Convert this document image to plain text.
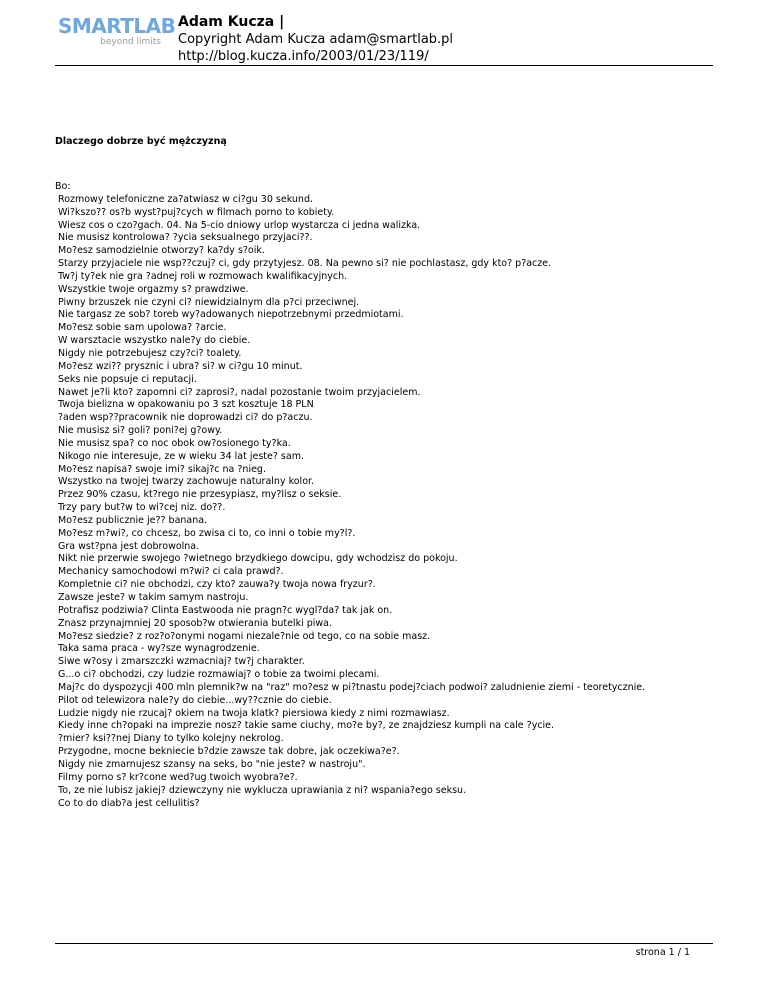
SMARTLAB
beyond limits
Adam Kucza |
Copyright Adam Kucza adam@smartlab.pl
http://blog.kucza.info/2003/01/23/119/
Dlaczego dobrze być mężczyzną
Bo:
Rozmowy telefoniczne za?atwiasz w ci?gu 30 sekund.
Wi?kszo?? os?b wyst?puj?cych w filmach porno to kobiety.
Wiesz cos o czo?gach. 04. Na 5-cio dniowy urlop wystarcza ci jedna walizka.
Nie musisz kontrolowa? ?ycia seksualnego przyjaci??.
Mo?esz samodzielnie otworzy? ka?dy s?oik.
Starzy przyjaciele nie wsp??czuj? ci, gdy przytyjesz. 08. Na pewno si? nie pochlastasz, gdy kto? p?acze.
Tw?j ty?ek nie gra ?adnej roli w rozmowach kwalifikacyjnych.
Wszystkie twoje orgazmy s? prawdziwe.
Piwny brzuszek nie czyni ci? niewidzialnym dla p?ci przeciwnej.
Nie targasz ze sob? toreb wy?adowanych niepotrzebnymi przedmiotami.
Mo?esz sobie sam upolowa? ?arcie.
W warsztacie wszystko nale?y do ciebie.
Nigdy nie potrzebujesz czy?ci? toalety.
Mo?esz wzi?? prysznic i ubra? si? w ci?gu 10 minut.
Seks nie popsuje ci reputacji.
Nawet je?li kto? zapomni ci? zaprosi?, nadal pozostanie twoim przyjacielem.
Twoja bielizna w opakowaniu po 3 szt kosztuje 18 PLN
?aden wsp??pracownik nie doprowadzi ci? do p?aczu.
Nie musisz si? goli? poni?ej g?owy.
Nie musisz spa? co noc obok ow?osionego ty?ka.
Nikogo nie interesuje, ze w wieku 34 lat jeste? sam.
Mo?esz napisa? swoje imi? sikaj?c na ?nieg.
Wszystko na twojej twarzy zachowuje naturalny kolor.
Przez 90% czasu, kt?rego nie przesypiasz, my?lisz o seksie.
Trzy pary but?w to wi?cej niz. do??.
Mo?esz publicznie je?? banana.
Mo?esz m?wi?, co chcesz, bo zwisa ci to, co inni o tobie my?l?.
Gra wst?pna jest dobrowolna.
Nikt nie przerwie swojego ?wietnego brzydkiego dowcipu, gdy wchodzisz do pokoju.
Mechanicy samochodowi m?wi? ci cala prawd?.
Kompletnie ci? nie obchodzi, czy kto? zauwa?y twoja nowa fryzur?.
Zawsze jeste? w takim samym nastroju.
Potrafisz podziwia? Clinta Eastwooda nie pragn?c wygl?da? tak jak on.
Znasz przynajmniej 20 sposob?w otwierania butelki piwa.
Mo?esz siedzie? z roz?o?onymi nogami niezale?nie od tego, co na sobie masz.
Taka sama praca - wy?sze wynagrodzenie.
Siwe w?osy i zmarszczki wzmacniaj? tw?j charakter.
G...o ci? obchodzi, czy ludzie rozmawiaj? o tobie za twoimi plecami.
Maj?c do dyspozycji 400 mln plemnik?w na "raz" mo?esz w pi?tnastu podej?ciach podwoi? zaludnienie ziemi - teoretycznie.
Pilot od telewizora nale?y do ciebie...wy??cznie do ciebie.
Ludzie nigdy nie rzucaj? okiem na twoja klatk? piersiowa kiedy z nimi rozmawiasz.
Kiedy inne ch?opaki na imprezie nosz? takie same ciuchy, mo?e by?, ze znajdziesz kumpli na cale ?ycie.
?mier? ksi??nej Diany to tylko kolejny nekrolog.
Przygodne, mocne bekniecie b?dzie zawsze tak dobre, jak oczekiwa?e?.
Nigdy nie zmarnujesz szansy na seks, bo "nie jeste? w nastroju".
Filmy porno s? kr?cone wed?ug twoich wyobra?e?.
To, ze nie lubisz jakiej? dziewczyny nie wyklucza uprawiania z ni? wspania?ego seksu.
Co to do diab?a jest cellulitis?
strona 1 / 1
